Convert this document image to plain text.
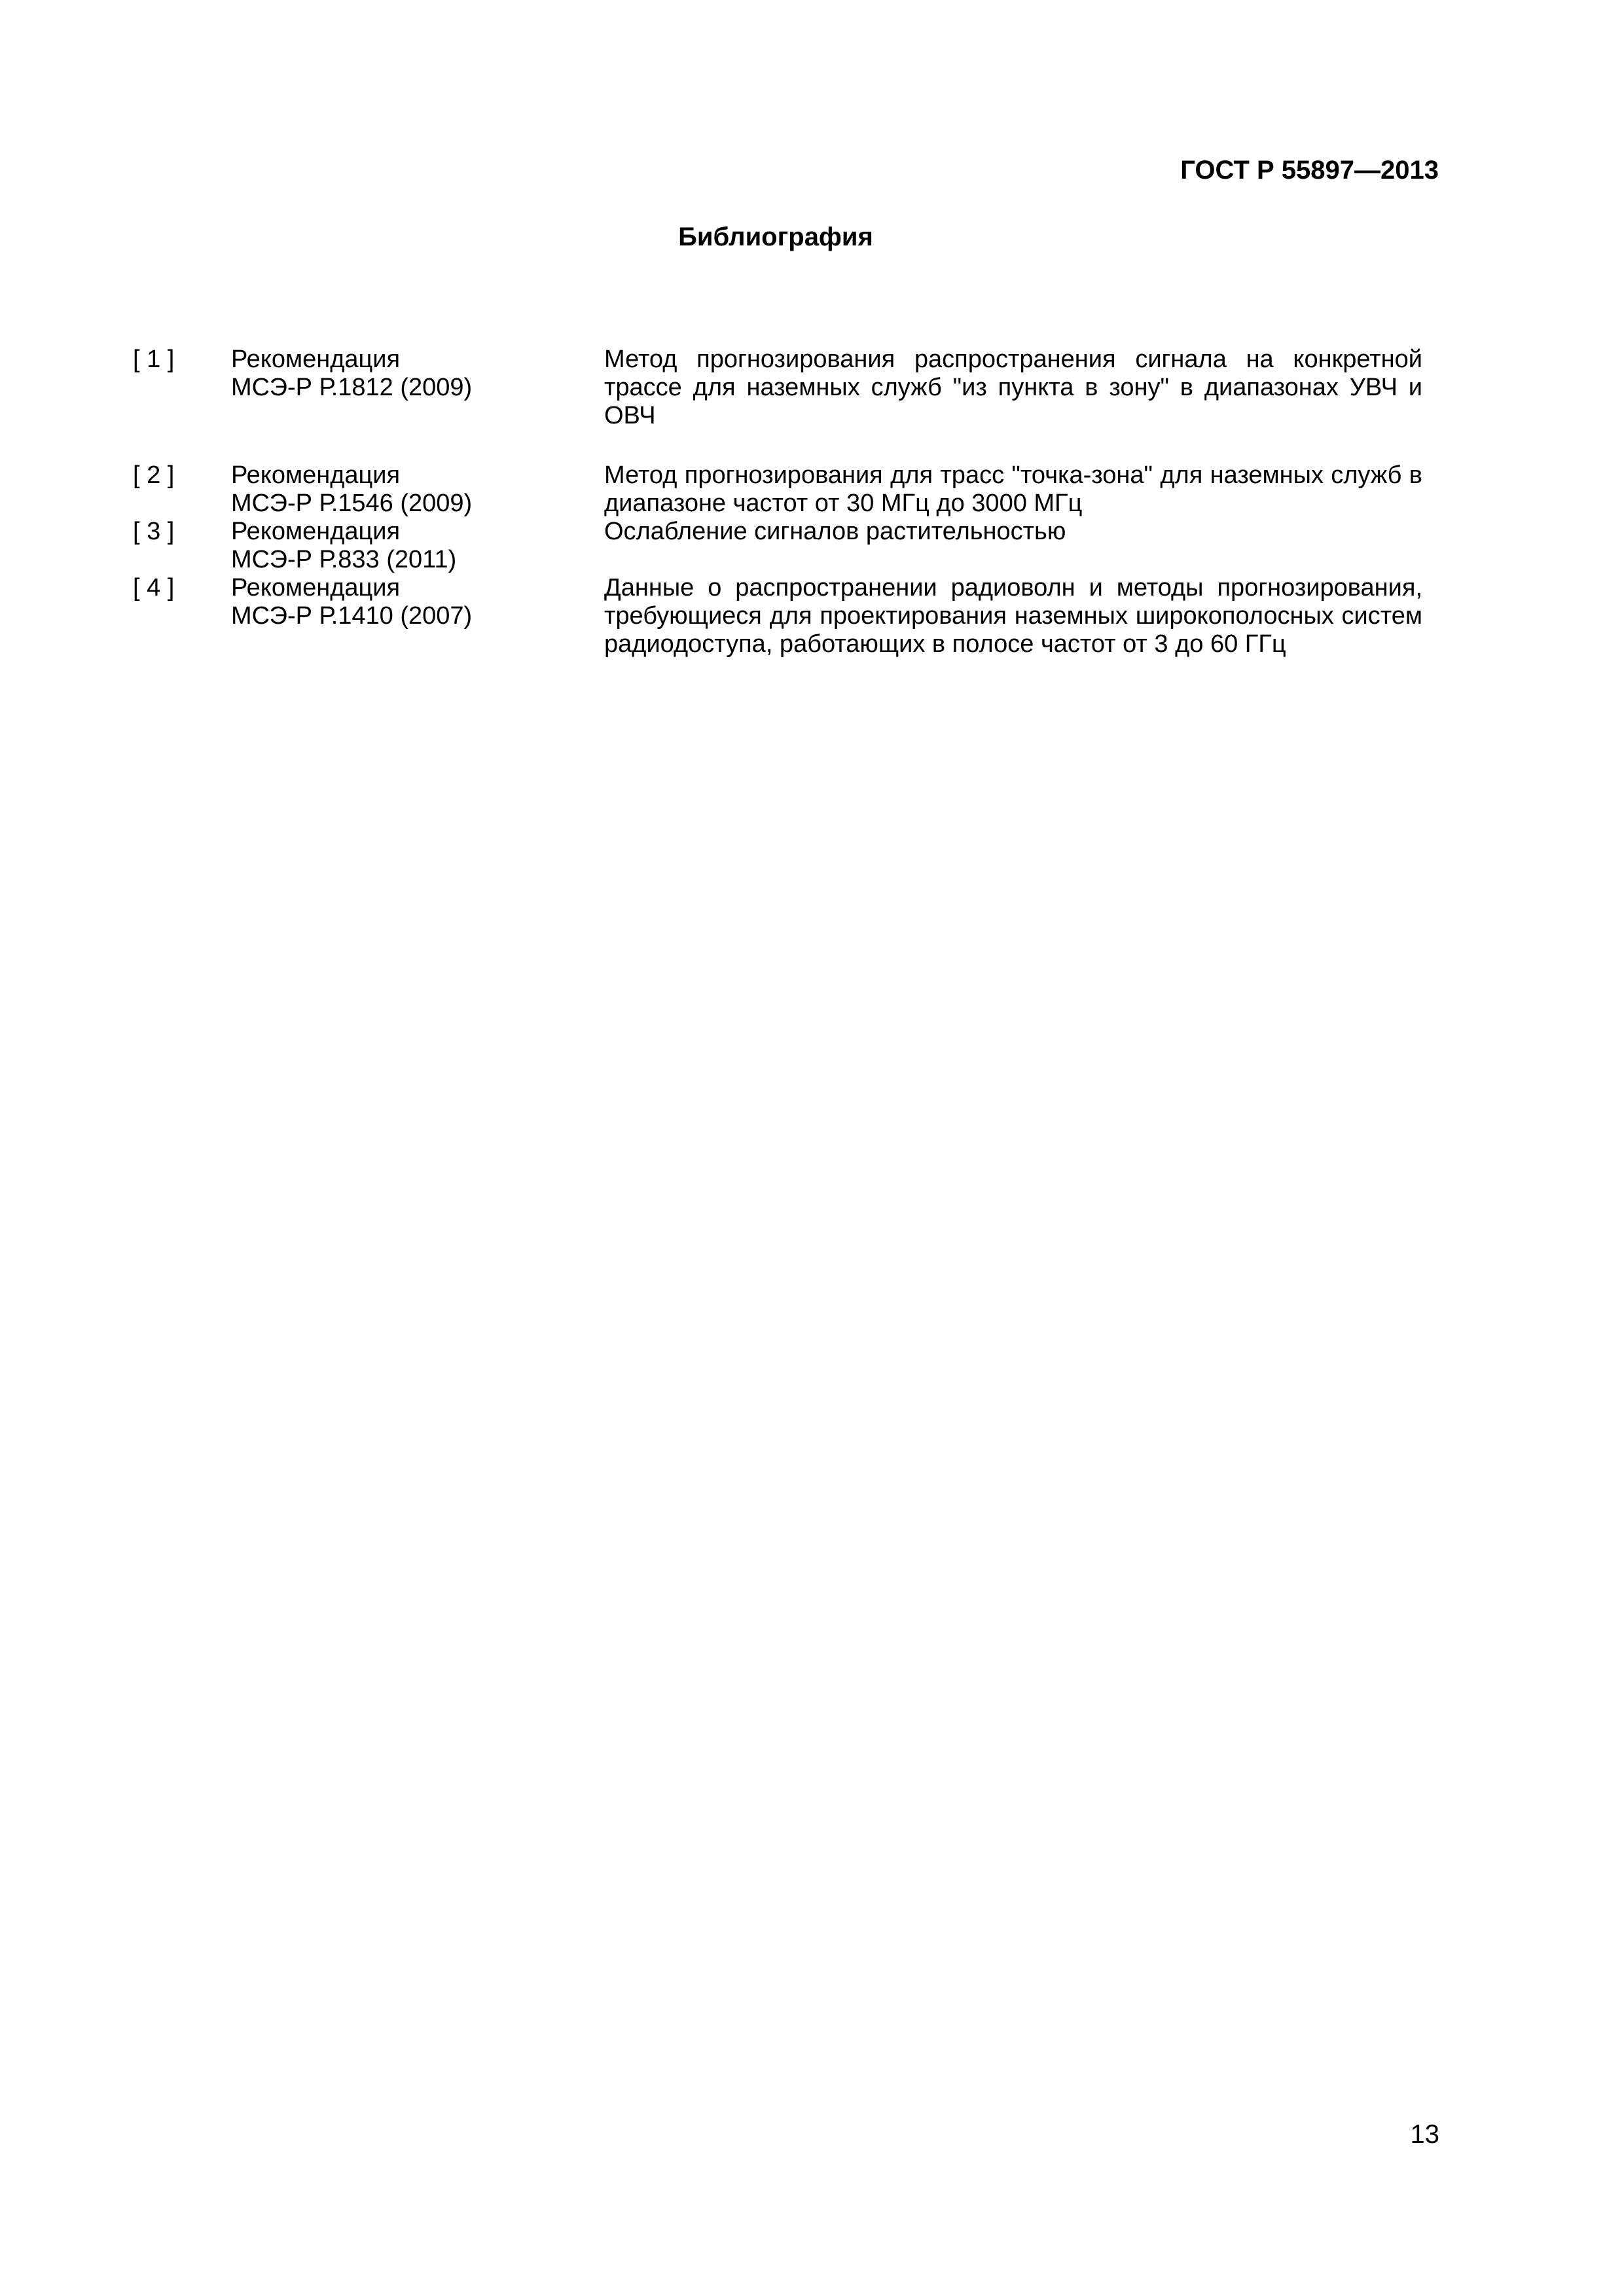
ГОСТ Р 55897—2013
Библиография
[ 1 ] Рекомендация
МСЭ-Р Р.1812 (2009)
Метод прогнозирования распространения сигнала на конкретной трассе для наземных служб "из пункта в зону" в диапазонах УВЧ и ОВЧ
[ 2 ] Рекомендация
МСЭ-Р Р.1546 (2009)
Метод прогнозирования для трасс "точка-зона" для наземных служб в диапазоне частот от 30 МГц до 3000 МГц
[ 3 ] Рекомендация
МСЭ-Р Р.833 (2011)
Ослабление сигналов растительностью
[ 4 ] Рекомендация
МСЭ-Р Р.1410 (2007)
Данные о распространении радиоволн и методы прогнозирования, требующиеся для проектирования наземных широкополосных систем радиодоступа, работающих в полосе частот от 3 до 60 ГГц
13
